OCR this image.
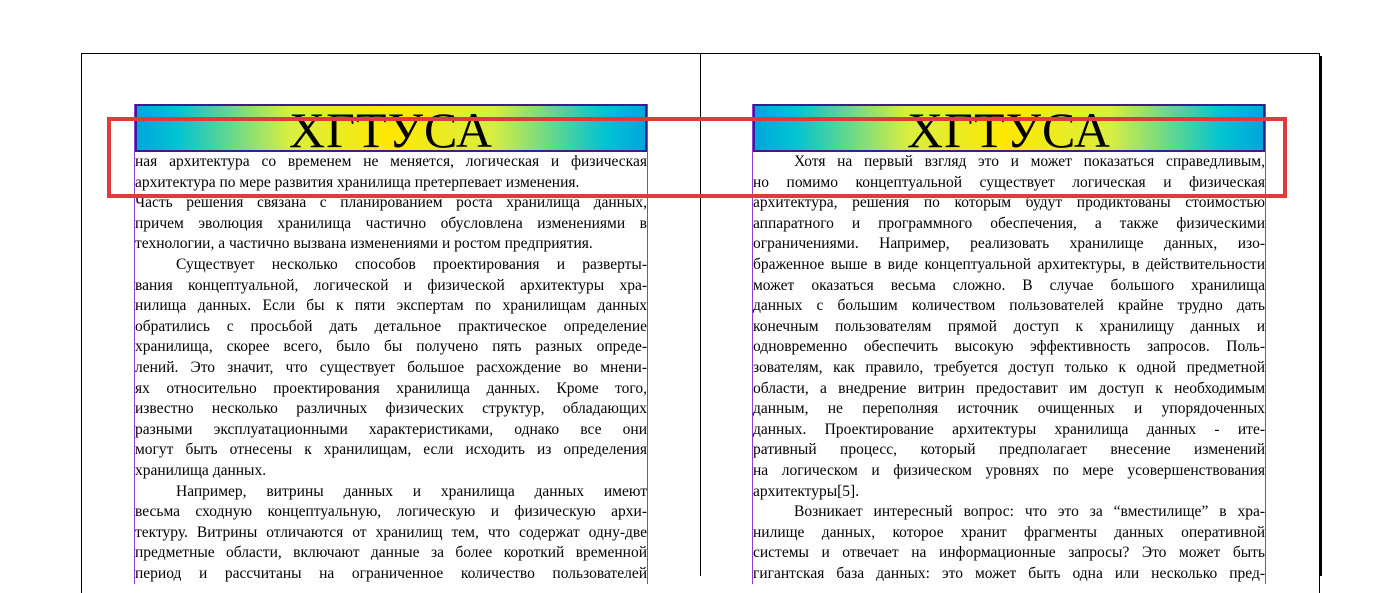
ХГТУСА
ная архитектура со временем не меняется, логическая и физическая
архитектура по мере развития хранилища претерпевает изменения.
Часть решения связана с планированием роста хранилища данных,
причем эволюция хранилища частично обусловлена изменениями в
технологии, а частично вызвана изменениями и ростом предприятия.
Существует несколько способов проектирования и разверты-
вания концептуальной, логической и физической архитектуры хра-
нилища данных. Если бы к пяти экспертам по хранилищам данных
обратились с просьбой дать детальное практическое определение
хранилища, скорее всего, было бы получено пять разных опреде-
лений. Это значит, что существует большое расхождение во мнени-
ях относительно проектирования хранилища данных. Кроме того,
известно несколько различных физических структур, обладающих
разными эксплуатационными характеристиками, однако все они
могут быть отнесены к хранилищам, если исходить из определения
хранилища данных.
Например, витрины данных и хранилища данных имеют
весьма сходную концептуальную, логическую и физическую архи-
тектуру. Витрины отличаются от хранилищ тем, что содержат одну-две
предметные области, включают данные за более короткий временной
период и рассчитаны на ограниченное количество пользователей
ХГТУСА
Хотя на первый взгляд это и может показаться справедливым,
но помимо концептуальной существует логическая и физическая
архитектура, решения по которым будут продиктованы стоимостью
аппаратного и программного обеспечения, а также физическими
ограничениями. Например, реализовать хранилище данных, изо-
браженное выше в виде концептуальной архитектуры, в действительности
может оказаться весьма сложно. В случае большого хранилища
данных с большим количеством пользователей крайне трудно дать
конечным пользователям прямой доступ к хранилищу данных и
одновременно обеспечить высокую эффективность запросов. Поль-
зователям, как правило, требуется доступ только к одной предметной
области, а внедрение витрин предоставит им доступ к необходимым
данным, не переполняя источник очищенных и упорядоченных
данных. Проектирование архитектуры хранилища данных - ите-
ративный процесс, который предполагает внесение изменений
на логическом и физическом уровнях по мере усовершенствования
архитектуры[5].
Возникает интересный вопрос: что это за “вместилище” в хра-
нилище данных, которое хранит фрагменты данных оперативной
системы и отвечает на информационные запросы? Это может быть
гигантская база данных: это может быть одна или несколько пред-
